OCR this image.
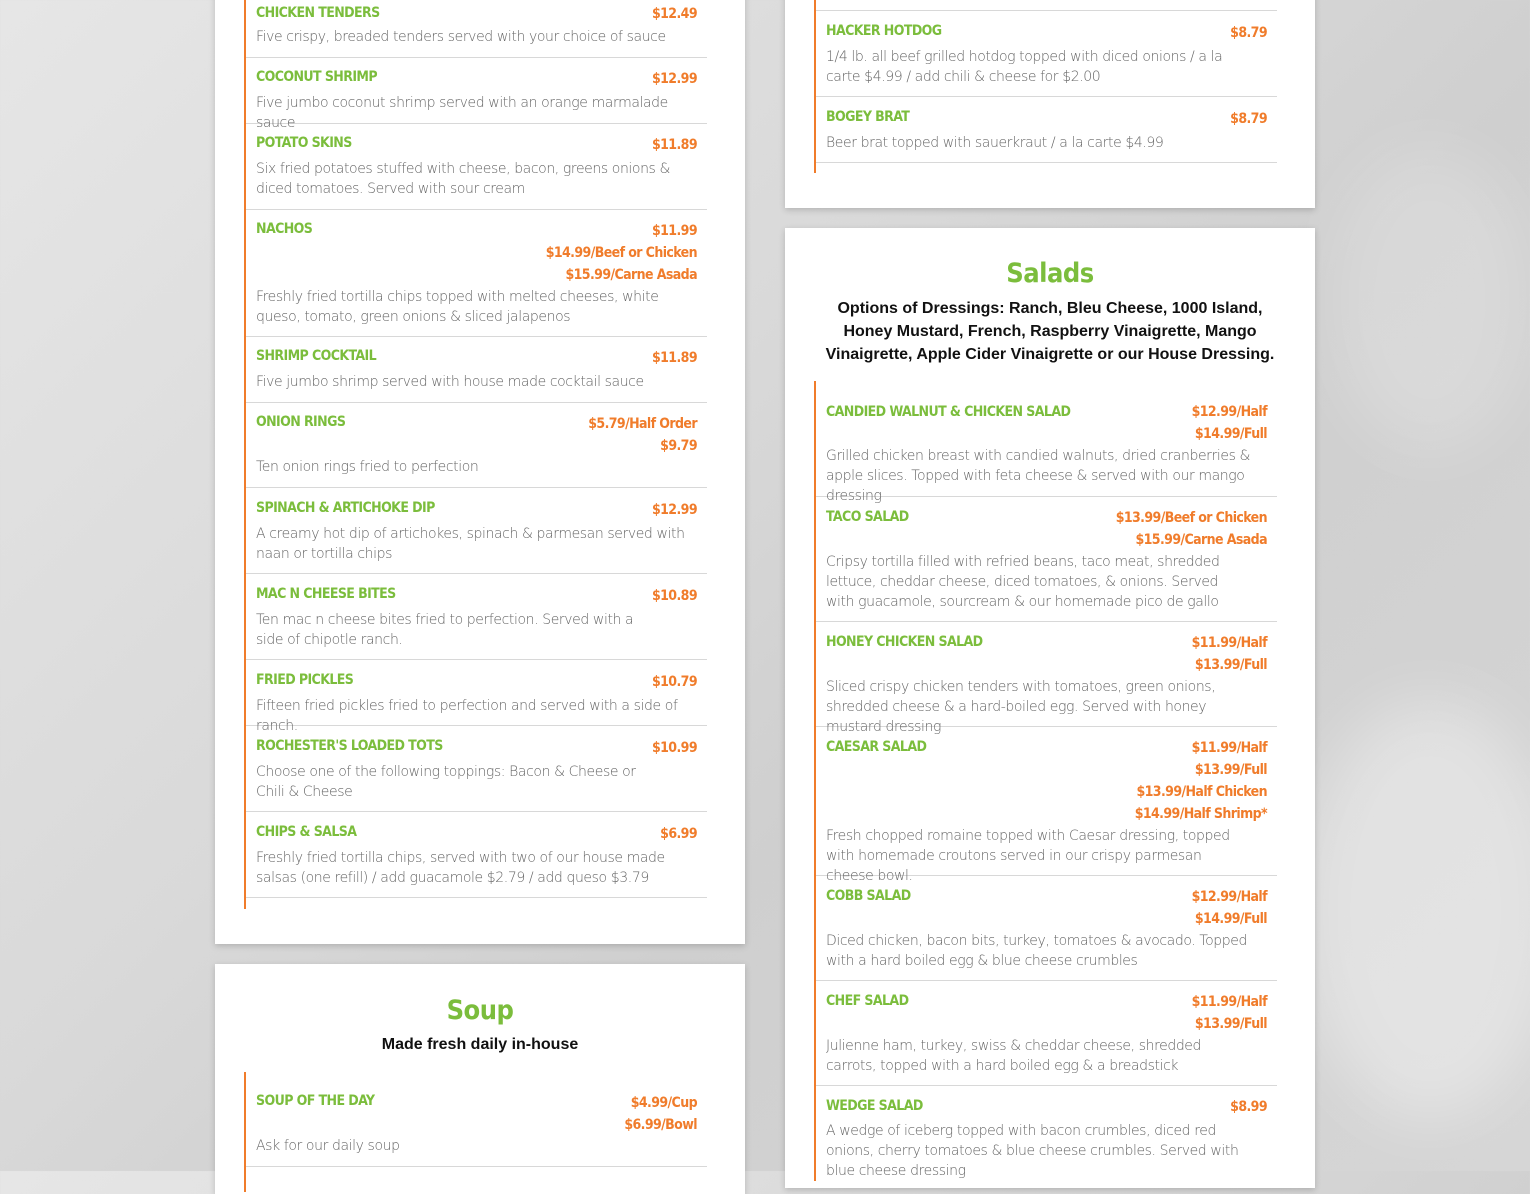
CHICKEN TENDERS	$12.49
Five crispy, breaded tenders served with your choice of sauce
COCONUT SHRIMP	$12.99
Five jumbo coconut shrimp served with an orange marmalade sauce
POTATO SKINS	$11.89
Six fried potatoes stuffed with cheese, bacon, greens onions & diced tomatoes. Served with sour cream
NACHOS	$11.99
$14.99/Beef or Chicken
$15.99/Carne Asada
Freshly fried tortilla chips topped with melted cheeses, white queso, tomato, green onions & sliced jalapenos
SHRIMP COCKTAIL	$11.89
Five jumbo shrimp served with house made cocktail sauce
ONION RINGS	$5.79/Half Order
$9.79
Ten onion rings fried to perfection
SPINACH & ARTICHOKE DIP	$12.99
A creamy hot dip of artichokes, spinach & parmesan served with naan or tortilla chips
MAC N CHEESE BITES	$10.89
Ten mac n cheese bites fried to perfection. Served with a side of chipotle ranch.
FRIED PICKLES	$10.79
Fifteen fried pickles fried to perfection and served with a side of ranch.
ROCHESTER'S LOADED TOTS	$10.99
Choose one of the following toppings: Bacon & Cheese or Chili & Cheese
CHIPS & SALSA	$6.99
Freshly fried tortilla chips, served with two of our house made salsas (one refill) / add guacamole $2.79 / add queso $3.79
Soup
Made fresh daily in-house
SOUP OF THE DAY	$4.99/Cup
$6.99/Bowl
Ask for our daily soup
HACKER HOTDOG	$8.79
1/4 lb. all beef grilled hotdog topped with diced onions / a la carte $4.99 / add chili & cheese for $2.00
BOGEY BRAT	$8.79
Beer brat topped with sauerkraut / a la carte $4.99
Salads
Options of Dressings: Ranch, Bleu Cheese, 1000 Island, Honey Mustard, French, Raspberry Vinaigrette, Mango Vinaigrette, Apple Cider Vinaigrette or our House Dressing.
CANDIED WALNUT & CHICKEN SALAD	$12.99/Half
$14.99/Full
Grilled chicken breast with candied walnuts, dried cranberries & apple slices. Topped with feta cheese & served with our mango dressing
TACO SALAD	$13.99/Beef or Chicken
$15.99/Carne Asada
Cripsy tortilla filled with refried beans, taco meat, shredded lettuce, cheddar cheese, diced tomatoes, & onions. Served with guacamole, sourcream & our homemade pico de gallo
HONEY CHICKEN SALAD	$11.99/Half
$13.99/Full
Sliced crispy chicken tenders with tomatoes, green onions, shredded cheese & a hard-boiled egg. Served with honey mustard dressing
CAESAR SALAD	$11.99/Half
$13.99/Full
$13.99/Half Chicken
$14.99/Half Shrimp*
Fresh chopped romaine topped with Caesar dressing, topped with homemade croutons served in our crispy parmesan cheese bowl.
COBB SALAD	$12.99/Half
$14.99/Full
Diced chicken, bacon bits, turkey, tomatoes & avocado. Topped with a hard boiled egg & blue cheese crumbles
CHEF SALAD	$11.99/Half
$13.99/Full
Julienne ham, turkey, swiss & cheddar cheese, shredded carrots, topped with a hard boiled egg & a breadstick
WEDGE SALAD	$8.99
A wedge of iceberg topped with bacon crumbles, diced red onions, cherry tomatoes & blue cheese crumbles. Served with blue cheese dressing
